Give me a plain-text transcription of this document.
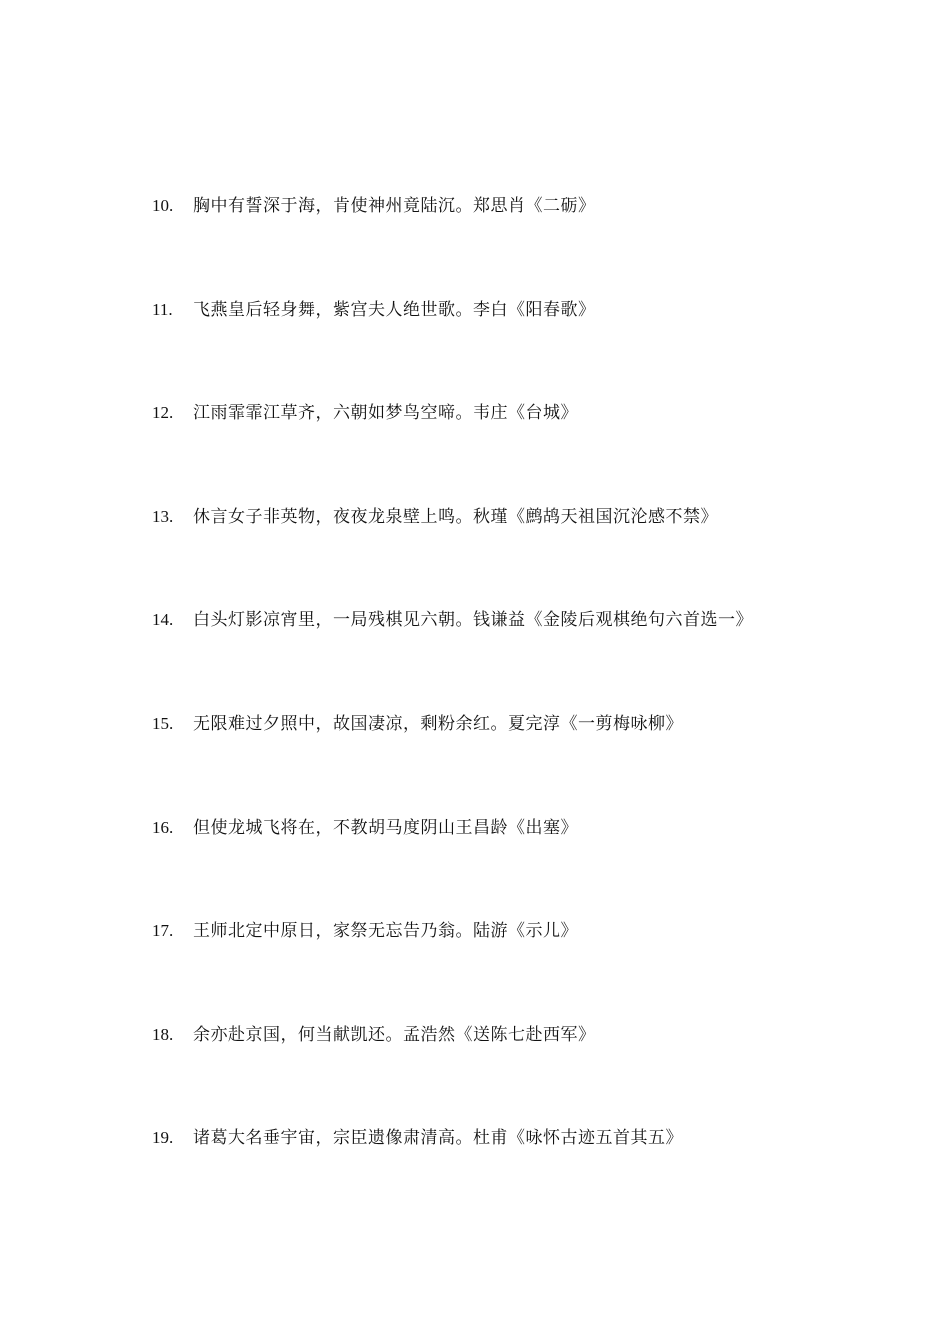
10.	胸中有誓深于海，肯使神州竟陆沉。郑思肖《二砺》
11.	飞燕皇后轻身舞，紫宫夫人绝世歌。李白《阳春歌》
12.	江雨霏霏江草齐，六朝如梦鸟空啼。韦庄《台城》
13.	休言女子非英物，夜夜龙泉壁上鸣。秋瑾《鹧鸪天祖国沉沦感不禁》
14.	白头灯影凉宵里，一局残棋见六朝。钱谦益《金陵后观棋绝句六首选一》
15.	无限难过夕照中，故国凄凉，剩粉余红。夏完淳《一剪梅咏柳》
16.	但使龙城飞将在，不教胡马度阴山王昌龄《出塞》
17.	王师北定中原日，家祭无忘告乃翁。陆游《示儿》
18.	余亦赴京国，何当献凯还。孟浩然《送陈七赴西军》
19.	诸葛大名垂宇宙，宗臣遗像肃清高。杜甫《咏怀古迹五首其五》
